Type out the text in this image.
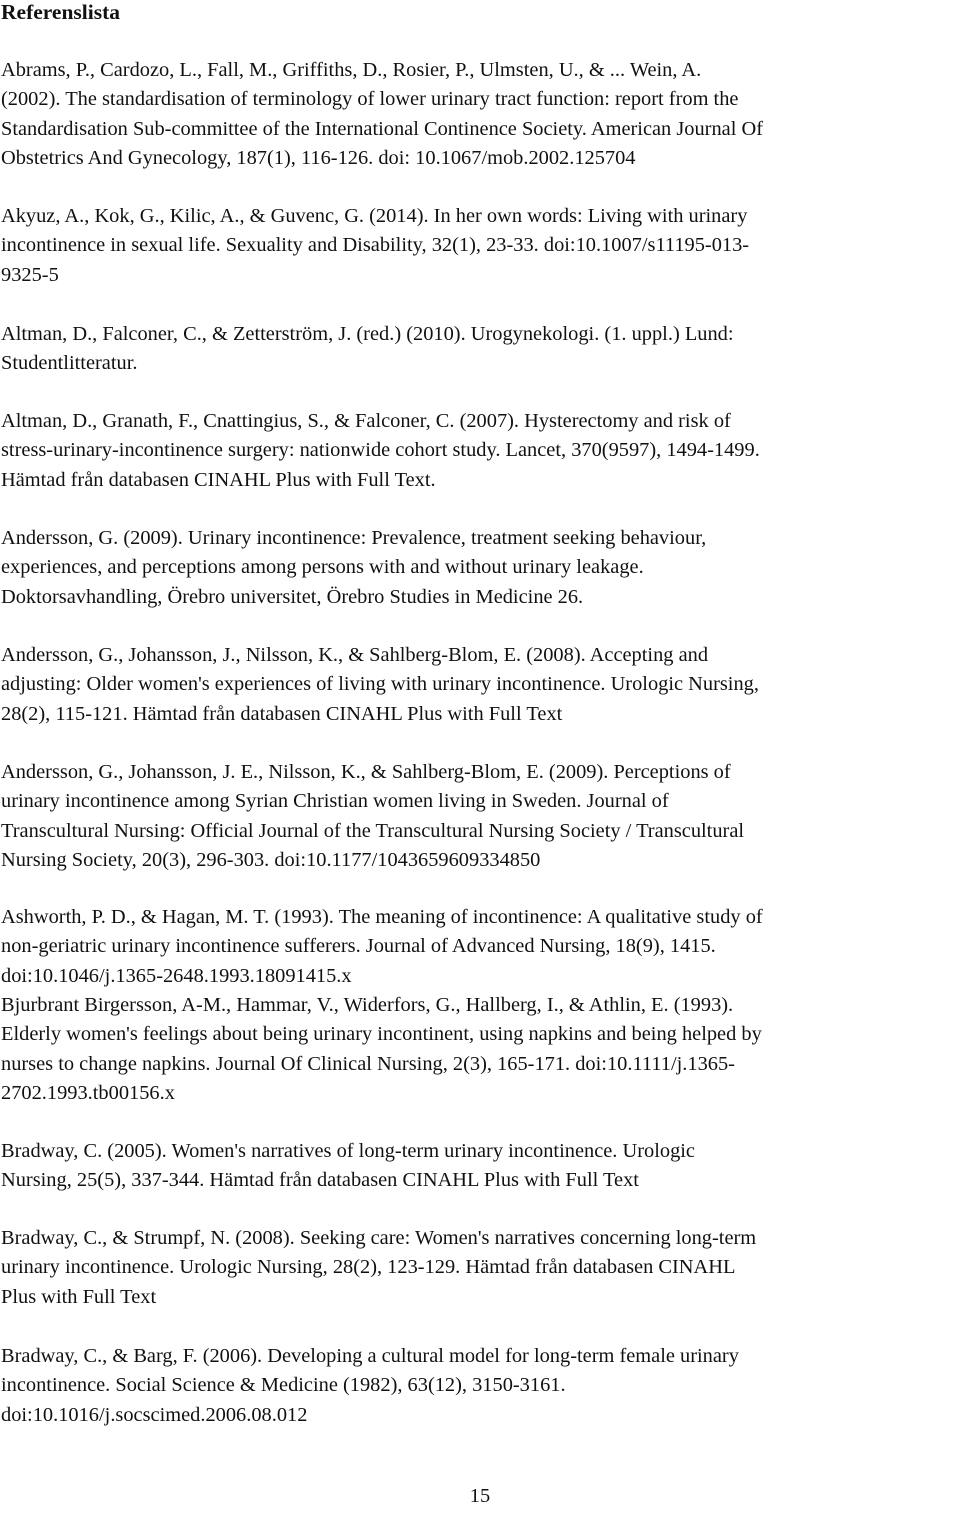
Referenslista

Abrams, P., Cardozo, L., Fall, M., Griffiths, D., Rosier, P., Ulmsten, U., & ... Wein, A.
(2002). The standardisation of terminology of lower urinary tract function: report from the
Standardisation Sub-committee of the International Continence Society. American Journal Of
Obstetrics And Gynecology, 187(1), 116-126. doi: 10.1067/mob.2002.125704

Akyuz, A., Kok, G., Kilic, A., & Guvenc, G. (2014). In her own words: Living with urinary
incontinence in sexual life. Sexuality and Disability, 32(1), 23-33. doi:10.1007/s11195-013-
9325-5

Altman, D., Falconer, C., & Zetterström, J. (red.) (2010). Urogynekologi. (1. uppl.) Lund:
Studentlitteratur.

Altman, D., Granath, F., Cnattingius, S., & Falconer, C. (2007). Hysterectomy and risk of
stress-urinary-incontinence surgery: nationwide cohort study. Lancet, 370(9597), 1494-1499.
Hämtad från databasen CINAHL Plus with Full Text.

Andersson, G. (2009). Urinary incontinence: Prevalence, treatment seeking behaviour,
experiences, and perceptions among persons with and without urinary leakage.
Doktorsavhandling, Örebro universitet, Örebro Studies in Medicine 26.

Andersson, G., Johansson, J., Nilsson, K., & Sahlberg-Blom, E. (2008). Accepting and
adjusting: Older women's experiences of living with urinary incontinence. Urologic Nursing,
28(2), 115-121. Hämtad från databasen CINAHL Plus with Full Text

Andersson, G., Johansson, J. E., Nilsson, K., & Sahlberg-Blom, E. (2009). Perceptions of
urinary incontinence among Syrian Christian women living in Sweden. Journal of
Transcultural Nursing: Official Journal of the Transcultural Nursing Society / Transcultural
Nursing Society, 20(3), 296-303. doi:10.1177/1043659609334850

Ashworth, P. D., & Hagan, M. T. (1993). The meaning of incontinence: A qualitative study of
non-geriatric urinary incontinence sufferers. Journal of Advanced Nursing, 18(9), 1415.
doi:10.1046/j.1365-2648.1993.18091415.x

Bjurbrant Birgersson, A-M., Hammar, V., Widerfors, G., Hallberg, I., & Athlin, E. (1993).
Elderly women's feelings about being urinary incontinent, using napkins and being helped by
nurses to change napkins. Journal Of Clinical Nursing, 2(3), 165-171. doi:10.1111/j.1365-
2702.1993.tb00156.x

Bradway, C. (2005). Women's narratives of long-term urinary incontinence. Urologic
Nursing, 25(5), 337-344. Hämtad från databasen CINAHL Plus with Full Text

Bradway, C., & Strumpf, N. (2008). Seeking care: Women's narratives concerning long-term
urinary incontinence. Urologic Nursing, 28(2), 123-129. Hämtad från databasen CINAHL
Plus with Full Text

Bradway, C., & Barg, F. (2006). Developing a cultural model for long-term female urinary
incontinence. Social Science & Medicine (1982), 63(12), 3150-3161.
doi:10.1016/j.socscimed.2006.08.012

15
